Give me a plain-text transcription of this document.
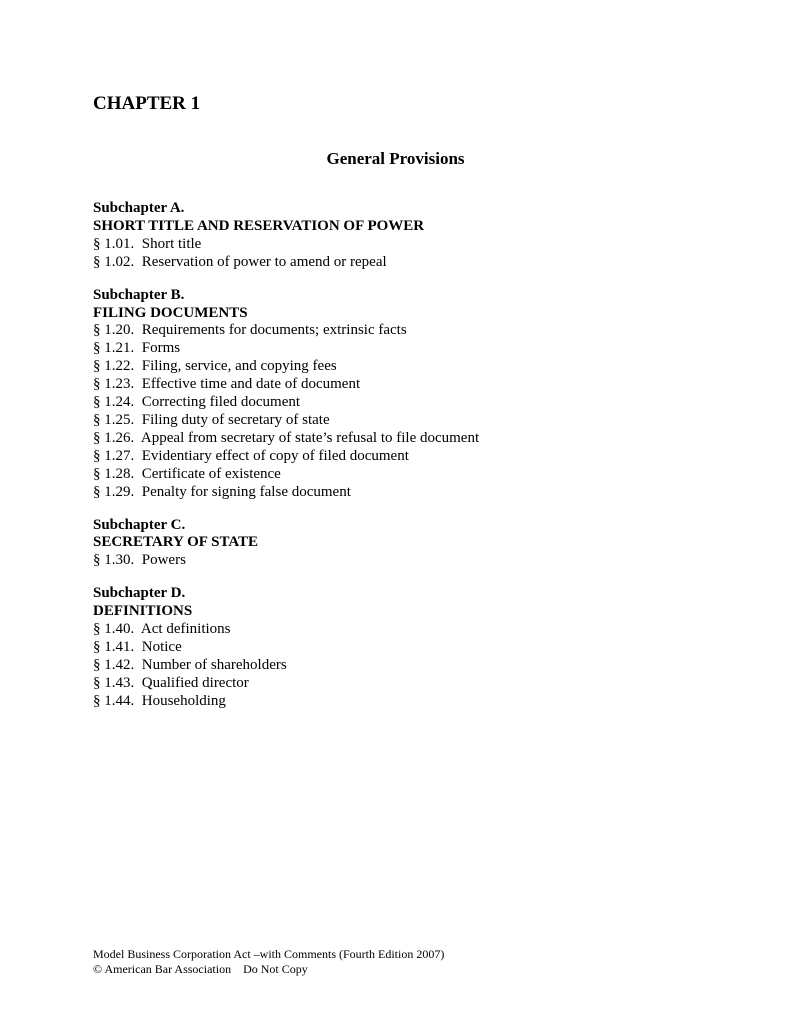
CHAPTER 1
General Provisions
Subchapter A.
SHORT TITLE AND RESERVATION OF POWER
§ 1.01.  Short title
§ 1.02.  Reservation of power to amend or repeal
Subchapter B.
FILING DOCUMENTS
§ 1.20.  Requirements for documents; extrinsic facts
§ 1.21.  Forms
§ 1.22.  Filing, service, and copying fees
§ 1.23.  Effective time and date of document
§ 1.24.  Correcting filed document
§ 1.25.  Filing duty of secretary of state
§ 1.26.  Appeal from secretary of state’s refusal to file document
§ 1.27.  Evidentiary effect of copy of filed document
§ 1.28.  Certificate of existence
§ 1.29.  Penalty for signing false document
Subchapter C.
SECRETARY OF STATE
§ 1.30.  Powers
Subchapter D.
DEFINITIONS
§ 1.40.  Act definitions
§ 1.41.  Notice
§ 1.42.  Number of shareholders
§ 1.43.  Qualified director
§ 1.44.  Householding
Model Business Corporation Act –with Comments (Fourth Edition 2007)
© American Bar Association    Do Not Copy
